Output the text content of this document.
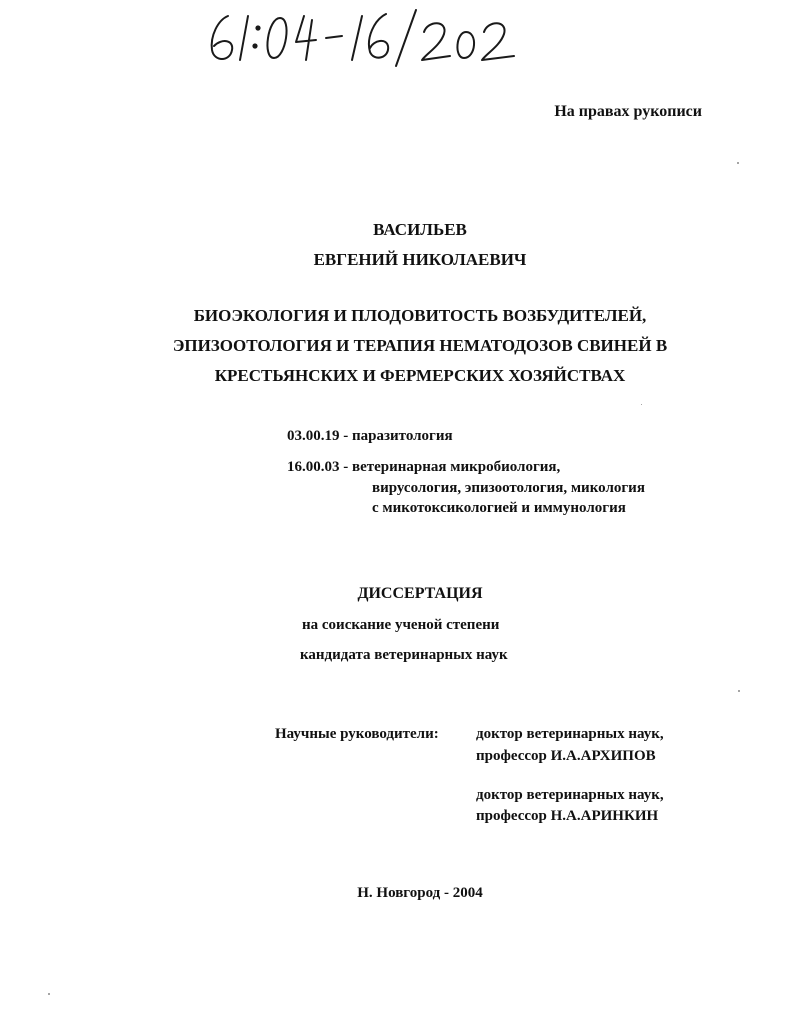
На правах рукописи
ВАСИЛЬЕВ
ЕВГЕНИЙ НИКОЛАЕВИЧ
БИОЭКОЛОГИЯ И ПЛОДОВИТОСТЬ ВОЗБУДИТЕЛЕЙ,
ЭПИЗООТОЛОГИЯ И ТЕРАПИЯ НЕМАТОДОЗОВ СВИНЕЙ В
КРЕСТЬЯНСКИХ И ФЕРМЕРСКИХ ХОЗЯЙСТВАХ
03.00.19 - паразитология
16.00.03 - ветеринарная микробиология,
вирусология, эпизоотология, микология
с микотоксикологией и иммунология
ДИССЕРТАЦИЯ
на соискание ученой степени
кандидата ветеринарных наук
Научные руководители: доктор ветеринарных наук,
профессор И.А.АРХИПОВ
доктор ветеринарных наук,
профессор Н.А.АРИНКИН
Н. Новгород - 2004
